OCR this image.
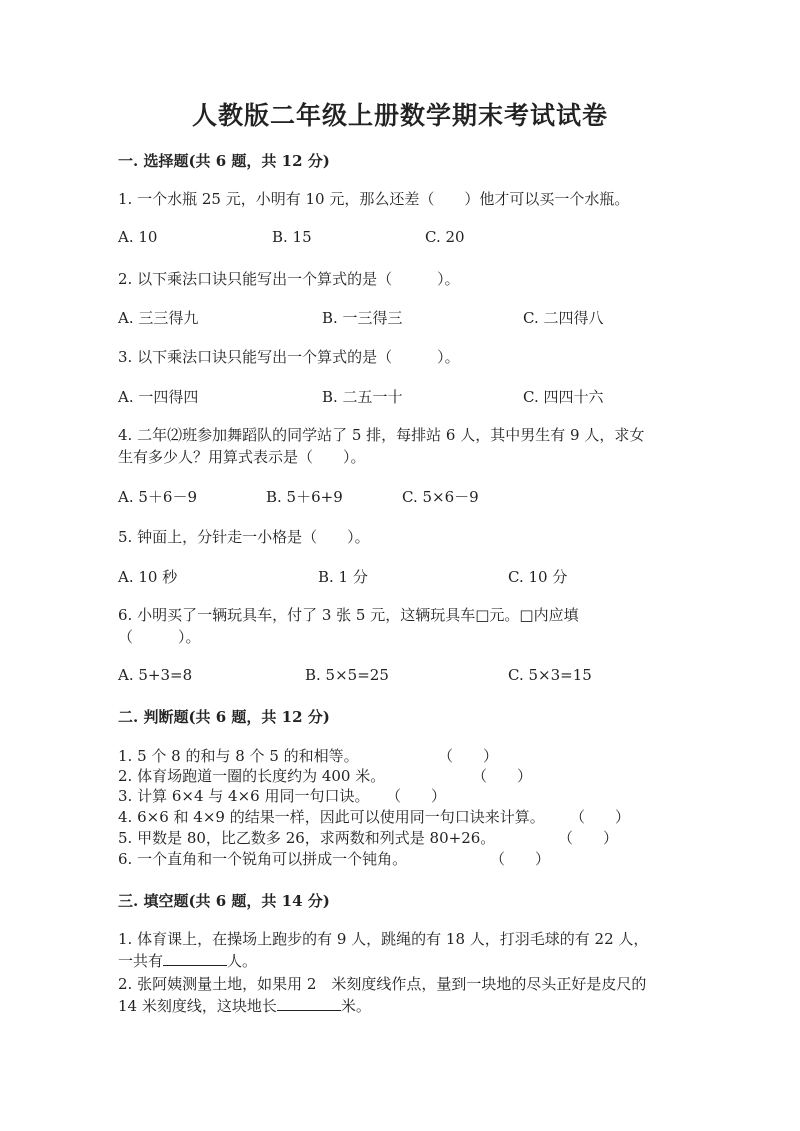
人教版二年级上册数学期末考试试卷
一. 选择题(共 6 题，共 12 分)
1. 一个水瓶 25 元，小明有 10 元，那么还差（　　）他才可以买一个水瓶。
A. 10	B. 15	C. 20
2. 以下乘法口诀只能写出一个算式的是（　　　）。
A. 三三得九	B. 一三得三	C. 二四得八
3. 以下乘法口诀只能写出一个算式的是（　　　）。
A. 一四得四	B. 二五一十	C. 四四十六
4. 二年⑵班参加舞蹈队的同学站了 5 排，每排站 6 人，其中男生有 9 人，求女
生有多少人？用算式表示是（　　）。
A. 5＋6－9	B. 5＋6+9	C. 5×6－9
5. 钟面上，分针走一小格是（　　）。
A. 10 秒	B. 1 分	C. 10 分
6. 小明买了一辆玩具车，付了 3 张 5 元，这辆玩具车□元。□内应填
（　　　）。
A. 5+3=8	B. 5×5=25	C. 5×3=15
二. 判断题(共 6 题，共 12 分)
1. 5 个 8 的和与 8 个 5 的和相等。	（　　）
2. 体育场跑道一圈的长度约为 400 米。	（　　）
3. 计算 6×4 与 4×6 用同一句口诀。 （　　）
4. 6×6 和 4×9 的结果一样，因此可以使用同一句口诀来计算。 （　　）
5. 甲数是 80，比乙数多 26，求两数和列式是 80+26。	（　　）
6. 一个直角和一个锐角可以拼成一个钝角。	（　　）
三. 填空题(共 6 题，共 14 分)
1. 体育课上，在操场上跑步的有 9 人，跳绳的有 18 人，打羽毛球的有 22 人，
一共有	人。
2. 张阿姨测量土地，如果用 2　米刻度线作点，量到一块地的尽头正好是皮尺的
14 米刻度线，这块地长	米。
